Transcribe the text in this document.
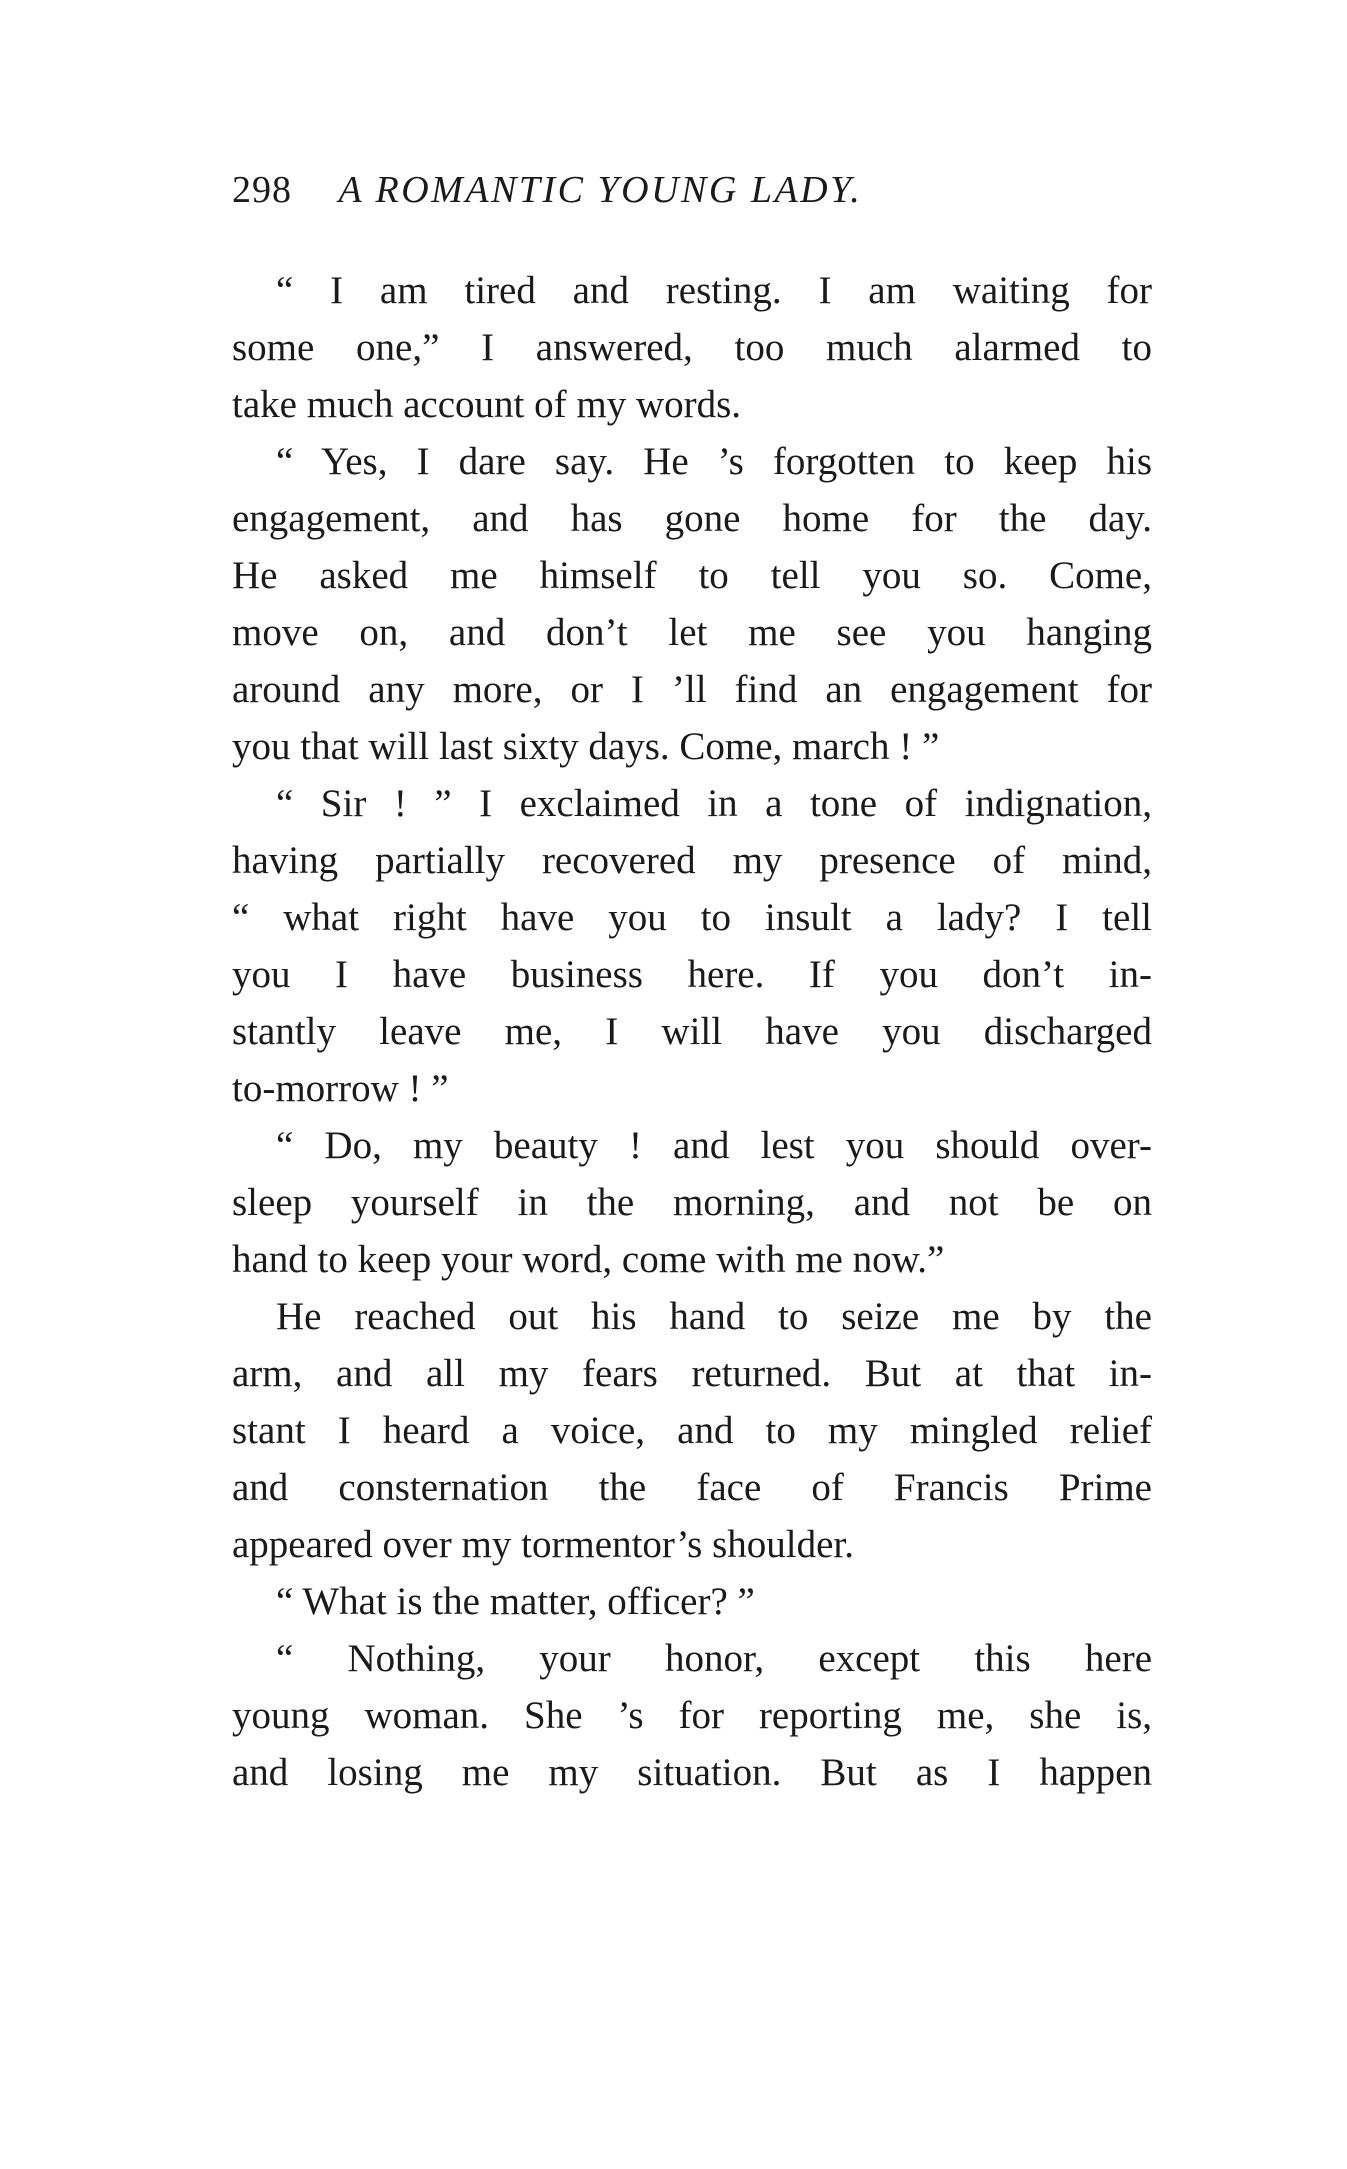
298 A ROMANTIC YOUNG LADY.
“ I am tired and resting. I am waiting for
some one,” I answered, too much alarmed to
take much account of my words.
“ Yes, I dare say. He ’s forgotten to keep his
engagement, and has gone home for the day.
He asked me himself to tell you so. Come,
move on, and don’t let me see you hanging
around any more, or I ’ll find an engagement for
you that will last sixty days. Come, march ! ”
“ Sir ! ” I exclaimed in a tone of indignation,
having partially recovered my presence of mind,
“ what right have you to insult a lady? I tell
you I have business here. If you don’t in-
stantly leave me, I will have you discharged
to-morrow ! ”
“ Do, my beauty ! and lest you should over-
sleep yourself in the morning, and not be on
hand to keep your word, come with me now.”
He reached out his hand to seize me by the
arm, and all my fears returned. But at that in-
stant I heard a voice, and to my mingled relief
and consternation the face of Francis Prime
appeared over my tormentor’s shoulder.
“ What is the matter, officer? ”
“ Nothing, your honor, except this here
young woman. She ’s for reporting me, she is,
and losing me my situation. But as I happen
